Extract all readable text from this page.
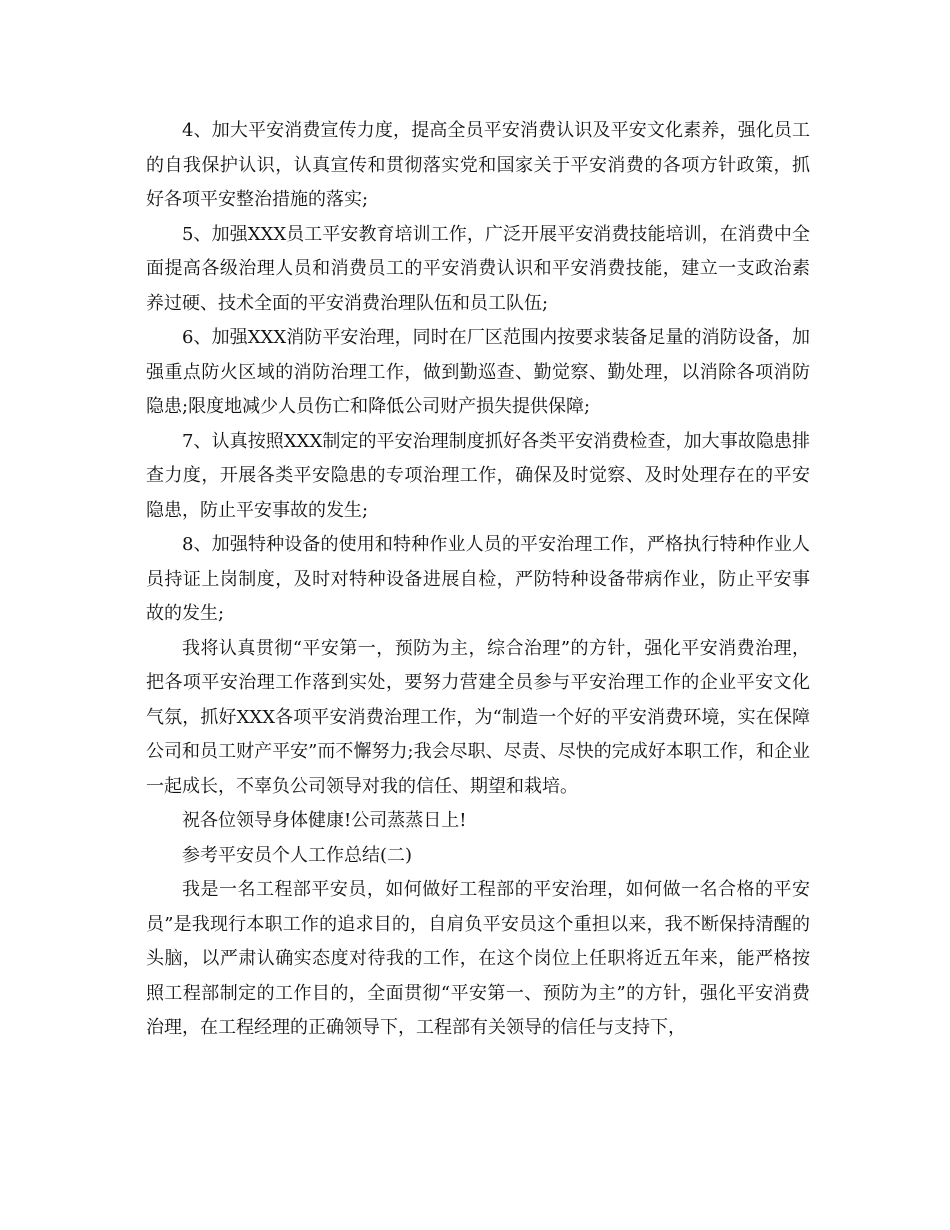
4、加大平安消费宣传力度，提高全员平安消费认识及平安文化素养，强化员工的自我保护认识，认真宣传和贯彻落实党和国家关于平安消费的各项方针政策，抓好各项平安整治措施的落实;

5、加强XXX员工平安教育培训工作，广泛开展平安消费技能培训，在消费中全面提高各级治理人员和消费员工的平安消费认识和平安消费技能，建立一支政治素养过硬、技术全面的平安消费治理队伍和员工队伍;

6、加强XXX消防平安治理，同时在厂区范围内按要求装备足量的消防设备，加强重点防火区域的消防治理工作，做到勤巡查、勤觉察、勤处理，以消除各项消防隐患;限度地减少人员伤亡和降低公司财产损失提供保障;

7、认真按照XXX制定的平安治理制度抓好各类平安消费检查，加大事故隐患排查力度，开展各类平安隐患的专项治理工作，确保及时觉察、及时处理存在的平安隐患，防止平安事故的发生;

8、加强特种设备的使用和特种作业人员的平安治理工作，严格执行特种作业人员持证上岗制度，及时对特种设备进展自检，严防特种设备带病作业，防止平安事故的发生;

我将认真贯彻“平安第一，预防为主，综合治理”的方针，强化平安消费治理，把各项平安治理工作落到实处，要努力营建全员参与平安治理工作的企业平安文化气氛，抓好XXX各项平安消费治理工作，为“制造一个好的平安消费环境，实在保障公司和员工财产平安”而不懈努力;我会尽职、尽责、尽快的完成好本职工作，和企业一起成长，不辜负公司领导对我的信任、期望和栽培。

祝各位领导身体健康!公司蒸蒸日上!

参考平安员个人工作总结(二)

我是一名工程部平安员，如何做好工程部的平安治理，如何做一名合格的平安员”是我现行本职工作的追求目的，自肩负平安员这个重担以来，我不断保持清醒的头脑，以严肃认确实态度对待我的工作，在这个岗位上任职将近五年来，能严格按照工程部制定的工作目的，全面贯彻“平安第一、预防为主”的方针，强化平安消费治理，在工程经理的正确领导下，工程部有关领导的信任与支持下，
